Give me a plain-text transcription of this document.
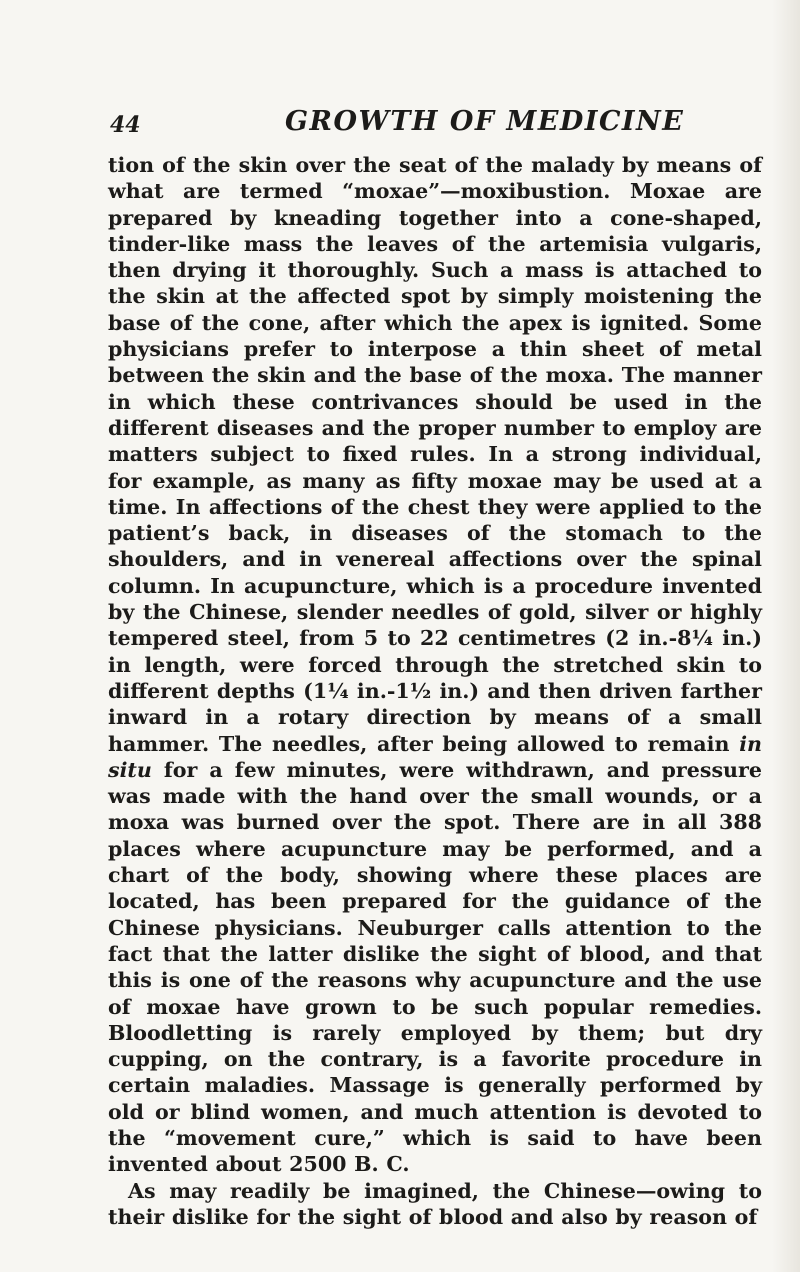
44	GROWTH OF MEDICINE

tion of the skin over the seat of the malady by means of what are termed “moxae”—moxibustion. Moxae are prepared by kneading together into a cone-shaped, tinder-like mass the leaves of the artemisia vulgaris, then drying it thoroughly. Such a mass is attached to the skin at the affected spot by simply moistening the base of the cone, after which the apex is ignited. Some physicians prefer to interpose a thin sheet of metal between the skin and the base of the moxa. The manner in which these contrivances should be used in the different diseases and the proper number to employ are matters subject to fixed rules. In a strong individual, for example, as many as fifty moxae may be used at a time. In affections of the chest they were applied to the patient’s back, in diseases of the stomach to the shoulders, and in venereal affections over the spinal column. In acupuncture, which is a procedure invented by the Chinese, slender needles of gold, silver or highly tempered steel, from 5 to 22 centimetres (2 in.-8¼ in.) in length, were forced through the stretched skin to different depths (1¼ in.-1½ in.) and then driven farther inward in a rotary direction by means of a small hammer. The needles, after being allowed to remain in situ for a few minutes, were withdrawn, and pressure was made with the hand over the small wounds, or a moxa was burned over the spot. There are in all 388 places where acupuncture may be performed, and a chart of the body, showing where these places are located, has been prepared for the guidance of the Chinese physicians. Neuburger calls attention to the fact that the latter dislike the sight of blood, and that this is one of the reasons why acupuncture and the use of moxae have grown to be such popular remedies. Bloodletting is rarely employed by them; but dry cupping, on the contrary, is a favorite procedure in certain maladies. Massage is generally performed by old or blind women, and much attention is devoted to the “movement cure,” which is said to have been invented about 2500 B. C.

As may readily be imagined, the Chinese—owing to their dislike for the sight of blood and also by reason of
